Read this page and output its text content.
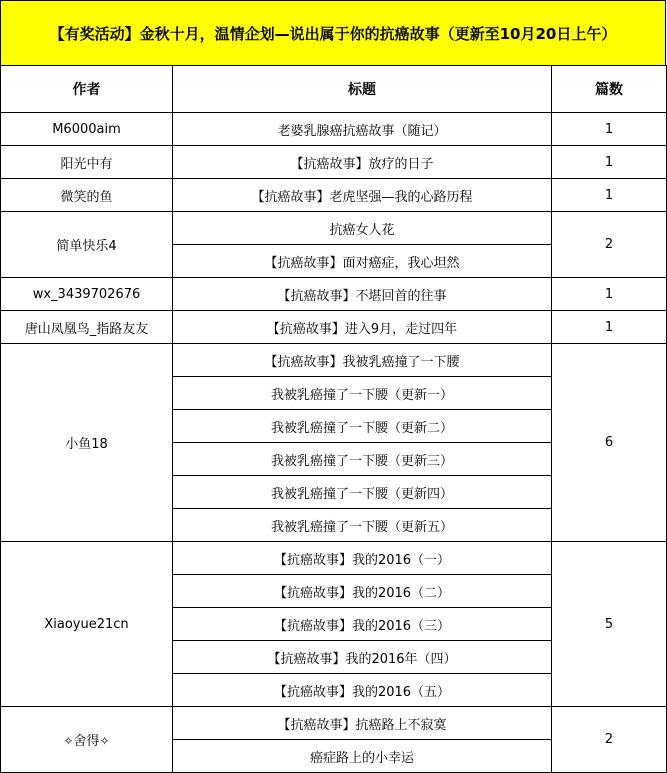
【有奖活动】金秋十月，温情企划—说出属于你的抗癌故事（更新至10月20日上午）
作者	标题	篇数
M6000aim	老婆乳腺癌抗癌故事（随记）	1
阳光中有	【抗癌故事】放疗的日子	1
微笑的鱼	【抗癌故事】老虎坚强—我的心路历程	1
简单快乐4	抗癌女人花	2
	【抗癌故事】面对癌症，我心坦然	
wx_3439702676	【抗癌故事】不堪回首的往事	1
唐山凤凰鸟_指路友友	【抗癌故事】进入9月，走过四年	1
小鱼18	【抗癌故事】我被乳癌撞了一下腰	6
	我被乳癌撞了一下腰（更新一）	
	我被乳癌撞了一下腰（更新二）	
	我被乳癌撞了一下腰（更新三）	
	我被乳癌撞了一下腰（更新四）	
	我被乳癌撞了一下腰（更新五）	
Xiaoyue21cn	【抗癌故事】我的2016（一）	5
	【抗癌故事】我的2016（二）	
	【抗癌故事】我的2016（三）	
	【抗癌故事】我的2016年（四）	
	【抗癌故事】我的2016（五）	
✧舍得✧	【抗癌故事】抗癌路上不寂寞	2
	癌症路上的小幸运	
